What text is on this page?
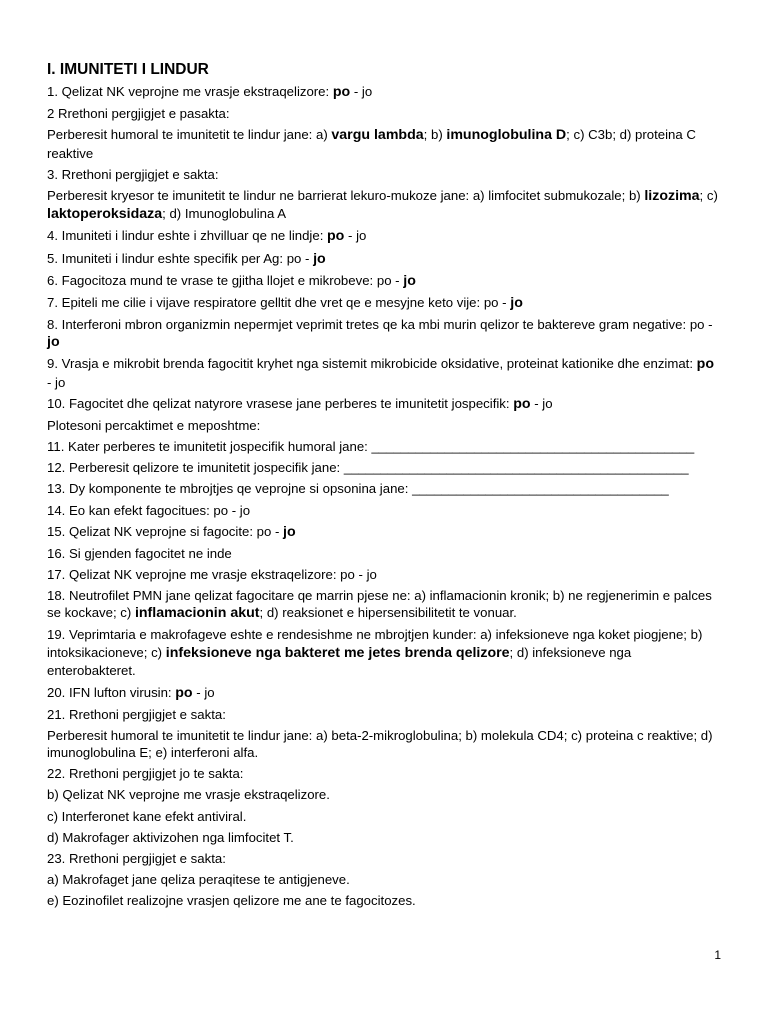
I. IMUNITETI I LINDUR
1. Qelizat NK veprojne me vrasje ekstraqelizore: po - jo
2 Rrethoni pergjigjet e pasakta:
Perberesit humoral te imunitetit te lindur jane: a) vargu lambda; b) imunoglobulina D; c) C3b; d) proteina C reaktive
3. Rrethoni pergjigjet e sakta:
Perberesit kryesor te imunitetit te lindur ne barrierat lekuro-mukoze jane: a) limfocitet submukozale; b) lizozima; c) laktoperoksidaza; d) Imunoglobulina A
4. Imuniteti i lindur eshte i zhvilluar qe ne lindje: po - jo
5. Imuniteti i lindur eshte specifik per Ag: po - jo
6. Fagocitoza mund te vrase te gjitha llojet e mikrobeve: po - jo
7. Epiteli me cilie i vijave respiratore gelltit dhe vret qe e mesyjne keto vije: po - jo
8. Interferoni mbron organizmin nepermjet veprimit tretes qe ka mbi murin qelizor te baktereve gram negative: po - jo
9. Vrasja e mikrobit brenda fagocitit kryhet nga sistemit mikrobicide oksidative, proteinat kationike dhe enzimat: po - jo
10. Fagocitet dhe qelizat natyrore vrasese jane perberes te imunitetit jospecifik: po - jo
Plotesoni percaktimet e meposhtme:
11. Kater perberes te imunitetit jospecifik humoral jane: ____________________________________________
12. Perberesit qelizore te imunitetit jospecifik jane: _______________________________________________
13. Dy komponente te mbrojtjes qe veprojne si opsonina jane: ___________________________________
14. Eo kan efekt fagocitues: po - jo
15. Qelizat NK veprojne si fagocite: po - jo
16. Si gjenden fagocitet ne inde
17. Qelizat NK veprojne me vrasje ekstraqelizore: po - jo
18. Neutrofilet PMN jane qelizat fagocitare qe marrin pjese ne: a) inflamacionin kronik; b) ne regjenerimin e palces se kockave; c) inflamacionin akut; d) reaksionet e hipersensibilitetit te vonuar.
19. Veprimtaria e makrofageve eshte e rendesishme ne mbrojtjen kunder: a) infeksioneve nga koket piogjene; b) intoksikacioneve; c) infeksioneve nga bakteret me jetes brenda qelizore; d) infeksioneve nga enterobakteret.
20. IFN lufton virusin: po - jo
21. Rrethoni pergjigjet e sakta:
Perberesit humoral te imunitetit te lindur jane: a) beta-2-mikroglobulina; b) molekula CD4; c) proteina c reaktive; d) imunoglobulina E; e) interferoni alfa.
22. Rrethoni pergjigjet jo te sakta:
b) Qelizat NK veprojne me vrasje ekstraqelizore.
c) Interferonet kane efekt antiviral.
d) Makrofager aktivizohen nga limfocitet T.
23. Rrethoni pergjigjet e sakta:
a) Makrofaget jane qeliza peraqitese te antigjeneve.
e) Eozinofilet realizojne vrasjen qelizore me ane te fagocitozes.
1
